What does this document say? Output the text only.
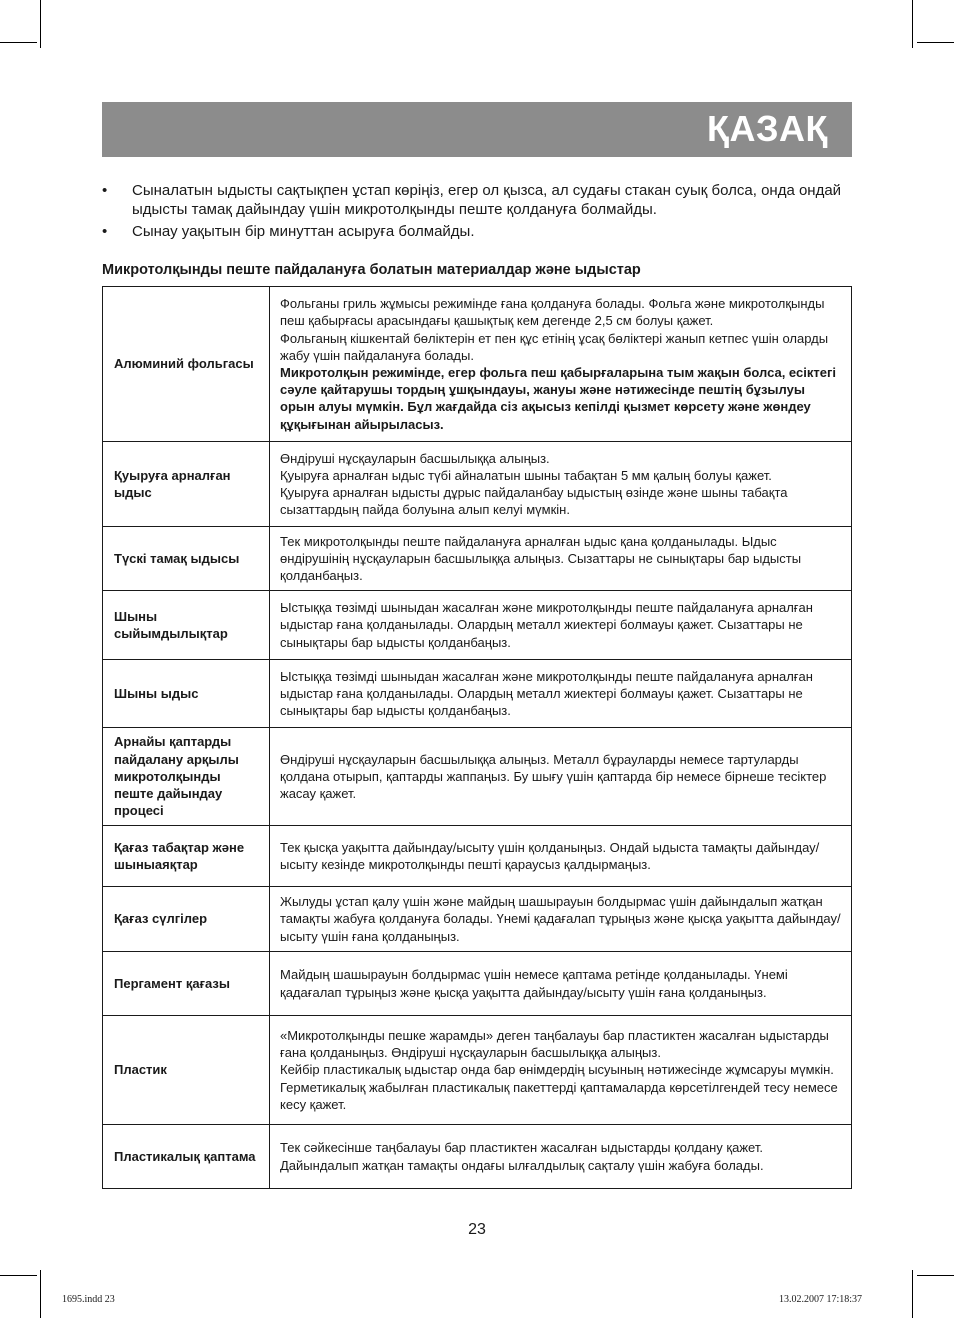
ҚАЗАҚ
•	Сыналатын ыдысты сақтықпен ұстап көріңіз, егер ол қызса, ал судағы стакан суық болса, онда ондай ыдысты тамақ дайындау үшін микротолқынды пеште қолдануға болмайды.
•	Сынау уақытын бір минуттан асыруға болмайды.
Микротолқынды пеште пайдалануға болатын материалдар және ыдыстар
Алюминий фольгасы	Фольганы гриль жұмысы режимінде ғана қолдануға болады. Фольга және микротолқынды пеш қабырғасы арасындағы қашықтық кем дегенде 2,5 см болуы қажет.
Фольганың кішкентай бөліктерін ет пен құс етінің ұсақ бөліктері жанып кетпес үшін оларды жабу үшін пайдалануға болады.
Микротолқын режимінде, егер фольга пеш қабырғаларына тым жақын болса, есіктегі сәуле қайтарушы тордың ұшқындауы, жануы және нәтижесінде пештің бұзылуы орын алуы мүмкін. Бұл жағдайда сіз ақысыз кепілді қызмет көрсету және жөндеу құқығынан айырыласыз.

Қуыруға арналған ыдыс	Өндіруші нұсқауларын басшылыққа алыңыз.
Қуыруға арналған ыдыс түбі айналатын шыны табақтан 5 мм қалың болуы қажет.
Қуыруға арналған ыдысты дұрыс пайдаланбау ыдыстың өзінде және шыны табақта сызаттардың пайда болуына алып келуі мүмкін.

Түскі тамақ ыдысы	Тек микротолқынды пеште пайдалануға арналған ыдыс қана қолданылады. Ыдыс өндірушінің нұсқауларын басшылыққа алыңыз. Сызаттары не сынықтары бар ыдысты қолданбаңыз.

Шыны сыйымдылықтар	Ыстыққа төзімді шыныдан жасалған және микротолқынды пеште пайдалануға арналған ыдыстар ғана қолданылады. Олардың металл жиектері болмауы қажет. Сызаттары не сынықтары бар ыдысты қолданбаңыз.

Шыны ыдыс	Ыстыққа төзімді шыныдан жасалған және микротолқынды пеште пайдалануға арналған ыдыстар ғана қолданылады. Олардың металл жиектері болмауы қажет. Сызаттары не сынықтары бар ыдысты қолданбаңыз.

Арнайы қаптарды пайдалану арқылы микротолқынды пеште дайындау процесі	Өндіруші нұсқауларын басшылыққа алыңыз. Металл бұрауларды немесе тартуларды қолдана отырып, қаптарды жаппаңыз. Бу шығу үшін қаптарда бір немесе бірнеше тесіктер жасау қажет.

Қағаз табақтар және шыныаяқтар	Тек қысқа уақытта дайындау/ысыту үшін қолданыңыз. Ондай ыдыста тамақты дайындау/ысыту кезінде микротолқынды пешті қараусыз қалдырмаңыз.

Қағаз сүлгілер	Жылуды ұстап қалу үшін және майдың шашырауын болдырмас үшін дайындалып жатқан тамақты жабуға қолдануға болады. Үнемі қадағалап тұрыңыз және қысқа уақытта дайындау/ысыту үшін ғана қолданыңыз.

Пергамент қағазы	Майдың шашырауын болдырмас үшін немесе қаптама ретінде қолданылады. Үнемі қадағалап тұрыңыз және қысқа уақытта дайындау/ысыту үшін ғана қолданыңыз.

Пластик	«Микротолқынды пешке жарамды» деген таңбалауы бар пластиктен жасалған ыдыстарды ғана қолданыңыз. Өндіруші нұсқауларын басшылыққа алыңыз.
Кейбір пластикалық ыдыстар онда бар өнімдердің ысуының нәтижесінде жұмсаруы мүмкін.
Герметикалық жабылған пластикалық пакеттерді қаптамаларда көрсетілгендей тесу немесе кесу қажет.

Пластикалық қаптама	Тек сәйкесінше таңбалауы бар пластиктен жасалған ыдыстарды қолдану қажет. Дайындалып жатқан тамақты ондағы ылғалдылық сақталу үшін жабуға болады.
23
1695.indd 23	13.02.2007 17:18:37
